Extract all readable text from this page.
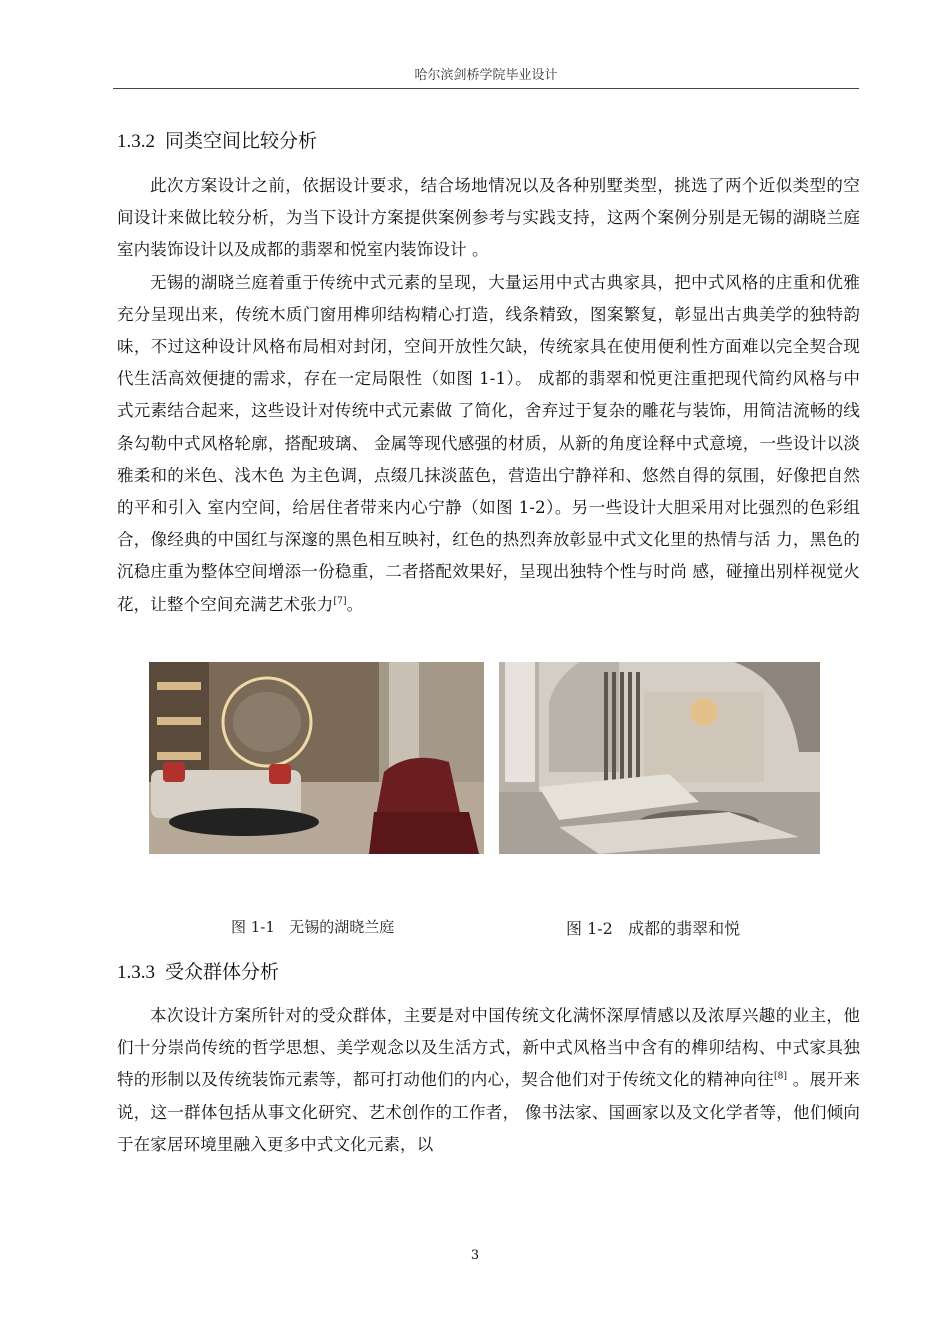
哈尔滨剑桥学院毕业设计
1.3.2 同类空间比较分析

此次方案设计之前，依据设计要求，结合场地情况以及各种别墅类型，挑选了两个近似类型的空间设计来做比较分析，为当下设计方案提供案例参考与实践支持，这两个案例分别是无锡的湖晓兰庭室内装饰设计以及成都的翡翠和悦室内装饰设计 。

无锡的湖晓兰庭着重于传统中式元素的呈现，大量运用中式古典家具，把中式风格的庄重和优雅充分呈现出来，传统木质门窗用榫卯结构精心打造，线条精致，图案繁复，彰显出古典美学的独特韵味，不过这种设计风格布局相对封闭，空间开放性欠缺，传统家具在使用便利性方面难以完全契合现代生活高效便捷的需求，存在一定局限性（如图 1-1）。 成都的翡翠和悦更注重把现代简约风格与中式元素结合起来，这些设计对传统中式元素做 了简化，舍弃过于复杂的雕花与装饰，用简洁流畅的线条勾勒中式风格轮廓，搭配玻璃、 金属等现代感强的材质，从新的角度诠释中式意境，一些设计以淡雅柔和的米色、浅木色 为主色调，点缀几抹淡蓝色，营造出宁静祥和、悠然自得的氛围，好像把自然的平和引入 室内空间，给居住者带来内心宁静（如图 1-2）。另一些设计大胆采用对比强烈的色彩组 合，像经典的中国红与深邃的黑色相互映衬，红色的热烈奔放彰显中式文化里的热情与活 力，黑色的沉稳庄重为整体空间增添一份稳重，二者搭配效果好，呈现出独特个性与时尚 感，碰撞出别样视觉火花，让整个空间充满艺术张力[7]。

图 1-1 无锡的湖晓兰庭	图 1-2 成都的翡翠和悦
1.3.3 受众群体分析

本次设计方案所针对的受众群体，主要是对中国传统文化满怀深厚情感以及浓厚兴趣的业主，他们十分崇尚传统的哲学思想、美学观念以及生活方式，新中式风格当中含有的榫卯结构、中式家具独特的形制以及传统装饰元素等，都可打动他们的内心，契合他们对于传统文化的精神向往[8] 。展开来说，这一群体包括从事文化研究、艺术创作的工作者， 像书法家、国画家以及文化学者等，他们倾向于在家居环境里融入更多中式文化元素，以

3
